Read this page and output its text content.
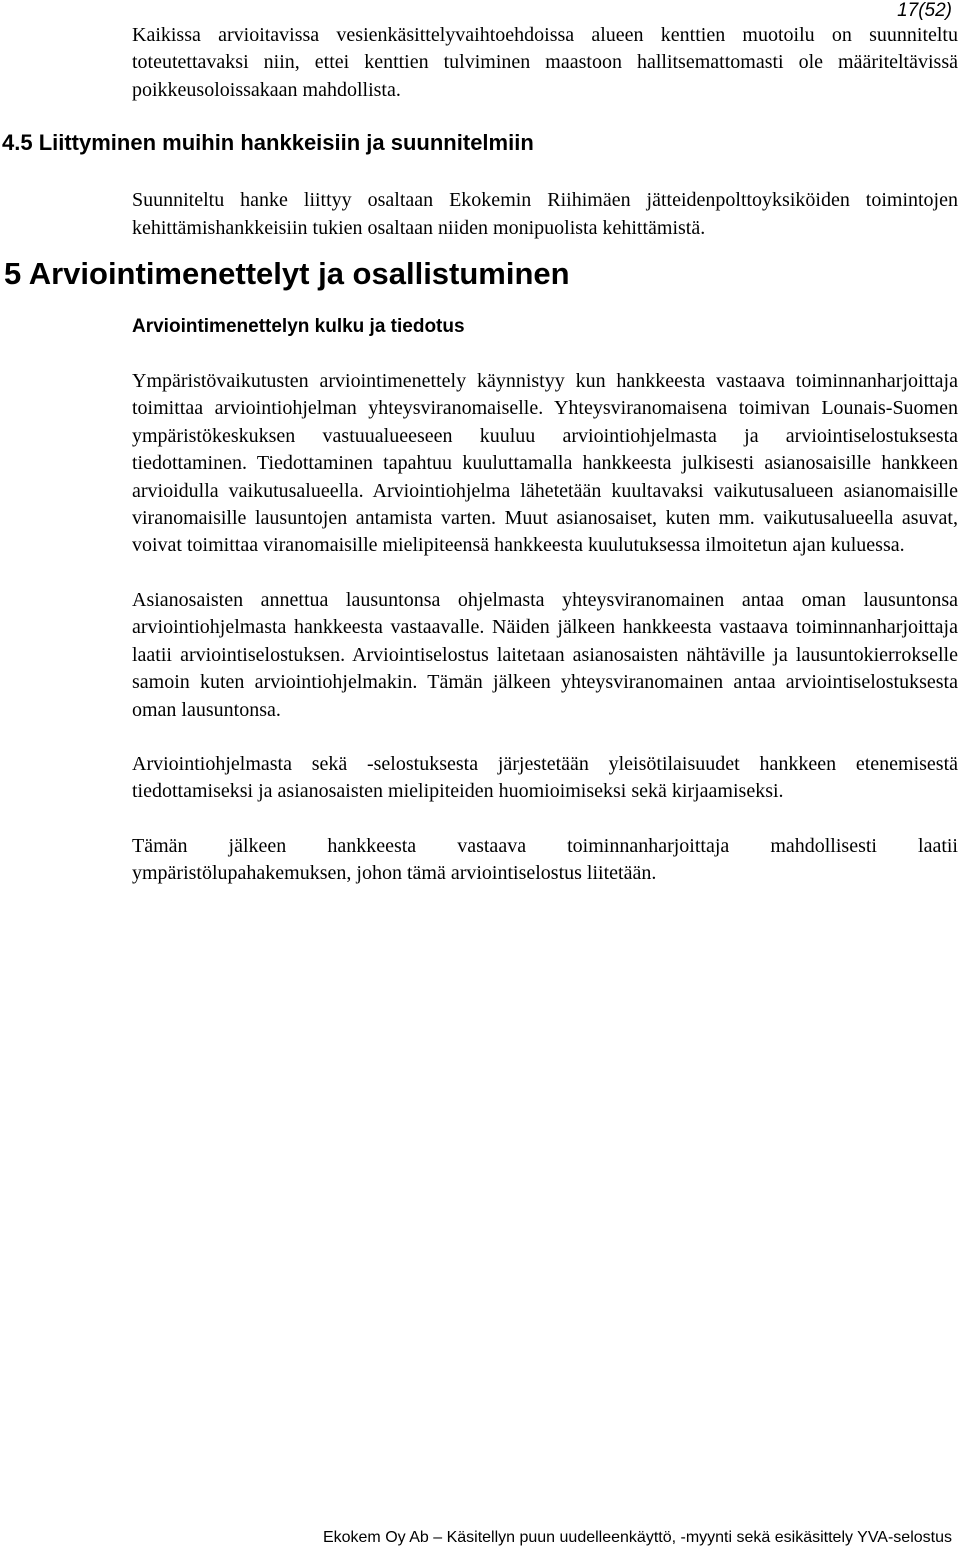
17(52)

Kaikissa arvioitavissa vesienkäsittelyvaihtoehdoissa alueen kenttien muotoilu on suunniteltu toteutettavaksi niin, ettei kenttien tulviminen maastoon hallitsemattomasti ole määriteltävissä poikkeusoloissakaan mahdollista.

4.5 Liittyminen muihin hankkeisiin ja suunnitelmiin

Suunniteltu hanke liittyy osaltaan Ekokemin Riihimäen jätteidenpolttoyksiköiden toimintojen kehittämishankkeisiin tukien osaltaan niiden monipuolista kehittämistä.

5 Arviointimenettelyt ja osallistuminen
Arviointimenettelyn kulku ja tiedotus

Ympäristövaikutusten arviointimenettely käynnistyy kun hankkeesta vastaava toiminnanharjoittaja toimittaa arviointiohjelman yhteysviranomaiselle. Yhteysviranomaisena toimivan Lounais-Suomen ympäristökeskuksen vastuualueeseen kuuluu arviointiohjelmasta ja arviointiselostuksesta tiedottaminen. Tiedottaminen tapahtuu kuuluttamalla hankkeesta julkisesti asianosaisille hankkeen arvioidulla vaikutusalueella. Arviointiohjelma lähetetään kuultavaksi vaikutusalueen asianomaisille viranomaisille lausuntojen antamista varten. Muut asianosaiset, kuten mm. vaikutusalueella asuvat, voivat toimittaa viranomaisille mielipiteensä hankkeesta kuulutuksessa ilmoitetun ajan kuluessa.

Asianosaisten annettua lausuntonsa ohjelmasta yhteysviranomainen antaa oman lausuntonsa arviointiohjelmasta hankkeesta vastaavalle. Näiden jälkeen hankkeesta vastaava toiminnanharjoittaja laatii arviointiselostuksen. Arviointiselostus laitetaan asianosaisten nähtäville ja lausuntokierrokselle samoin kuten arviointiohjelmakin. Tämän jälkeen yhteysviranomainen antaa arviointiselostuksesta oman lausuntonsa.

Arviointiohjelmasta sekä -selostuksesta järjestetään yleisötilaisuudet hankkeen etenemisestä tiedottamiseksi ja asianosaisten mielipiteiden huomioimiseksi sekä kirjaamiseksi.

Tämän jälkeen hankkeesta vastaava toiminnanharjoittaja mahdollisesti laatii ympäristölupahakemuksen, johon tämä arviointiselostus liitetään.

Ekokem Oy Ab – Käsitellyn puun uudelleenkäyttö, -myynti sekä esikäsittely YVA-selostus
